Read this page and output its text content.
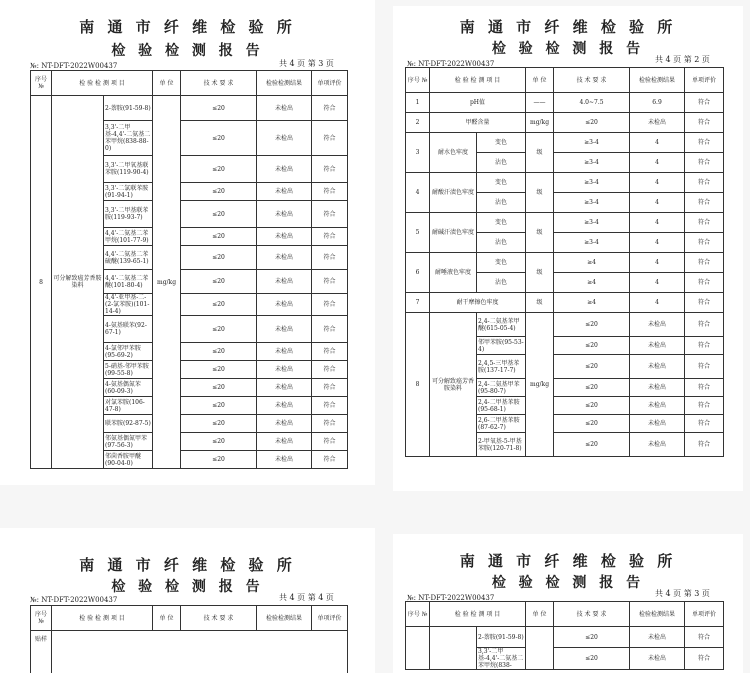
南 通 市 纤 维 检 验 所
检 验 检 测 报 告
№: NT-DFT-2022W00437	共 4 页 第 3 页
序号 №	检 验 检 测 项 目		单 位	技 术 要 求	检验检测结果	单项评价
8	可分解致癌芳香胺染料	2-萘胺(91-59-8)	mg/kg	≤20	未检出	符合
		3,3'-二甲基-4,4'-二氨基二苯甲烷(838-88-0)		≤20	未检出	符合
		3,3'-二甲氧基联苯胺(119-90-4)		≤20	未检出	符合
		3,3'-二氯联苯胺(91-94-1)		≤20	未检出	符合
		3,3'-二甲基联苯胺(119-93-7)		≤20	未检出	符合
		4,4'-二氨基二苯甲烷(101-77-9)		≤20	未检出	符合
		4,4'-二氨基二苯硫醚(139-65-1)		≤20	未检出	符合
		4,4'-二氨基二苯醚(101-80-4)		≤20	未检出	符合
		4,4'-亚甲基-二-(2-氯苯胺)(101-14-4)		≤20	未检出	符合
		4-氨基联苯(92-67-1)		≤20	未检出	符合
		4-氯邻甲苯胺(95-69-2)		≤20	未检出	符合
		5-硝基-邻甲苯胺(99-55-8)		≤20	未检出	符合
		4-氨基偶氮苯(60-09-3)		≤20	未检出	符合
		对氯苯胺(106-47-8)		≤20	未检出	符合
		联苯胺(92-87-5)		≤20	未检出	符合
		邻氨基偶氮甲苯(97-56-3)		≤20	未检出	符合
		邻茴香胺甲醚(90-04-0)		≤20	未检出	符合
南 通 市 纤 维 检 验 所
检 验 检 测 报 告
№: NT-DFT-2022W00437	共 4 页 第 2 页
序号 №	检 验 检 测 项 目		单 位	技 术 要 求	检验检测结果	单项评价
1	pH值		——	4.0~7.5	6.9	符合
2	甲醛含量		mg/kg	≤20	未检出	符合
3	耐水色牢度	变色	级	≥3-4	4	符合
		沾色		≥3-4	4	符合
4	耐酸汗渍色牢度	变色	级	≥3-4	4	符合
		沾色		≥3-4	4	符合
5	耐碱汗渍色牢度	变色	级	≥3-4	4	符合
		沾色		≥3-4	4	符合
6	耐唾液色牢度	变色	级	≥4	4	符合
		沾色		≥4	4	符合
7	耐干摩擦色牢度		级	≥4	4	符合
8	可分解致癌芳香胺染料	2,4-二氨基苯甲醚(615-05-4)	mg/kg	≤20	未检出	符合
		邻甲苯胺(95-53-4)		≤20	未检出	符合
		2,4,5-三甲基苯胺(137-17-7)		≤20	未检出	符合
		2,4-二氨基甲苯(95-80-7)		≤20	未检出	符合
		2,4-二甲基苯胺(95-68-1)		≤20	未检出	符合
		2,6-二甲基苯胺(87-62-7)		≤20	未检出	符合
		2-甲氧基-5-甲基苯胺(120-71-8)		≤20	未检出	符合
南 通 市 纤 维 检 验 所
检 验 检 测 报 告
№: NT-DFT-2022W00437	共 4 页 第 4 页
序号 №	检 验 检 测 项 目	单 位	技 术 要 求	检验检测结果	单项评价
贴样					
南 通 市 纤 维 检 验 所
检 验 检 测 报 告
№: NT-DFT-2022W00437	共 4 页 第 3 页
序号 №	检 验 检 测 项 目		单 位	技 术 要 求	检验检测结果	单项评价
		2-萘胺(91-59-8)		≤20	未检出	符合
		3,3'-二甲基-4,4'-二氨基二苯甲烷(838-		≤20	未检出	符合
